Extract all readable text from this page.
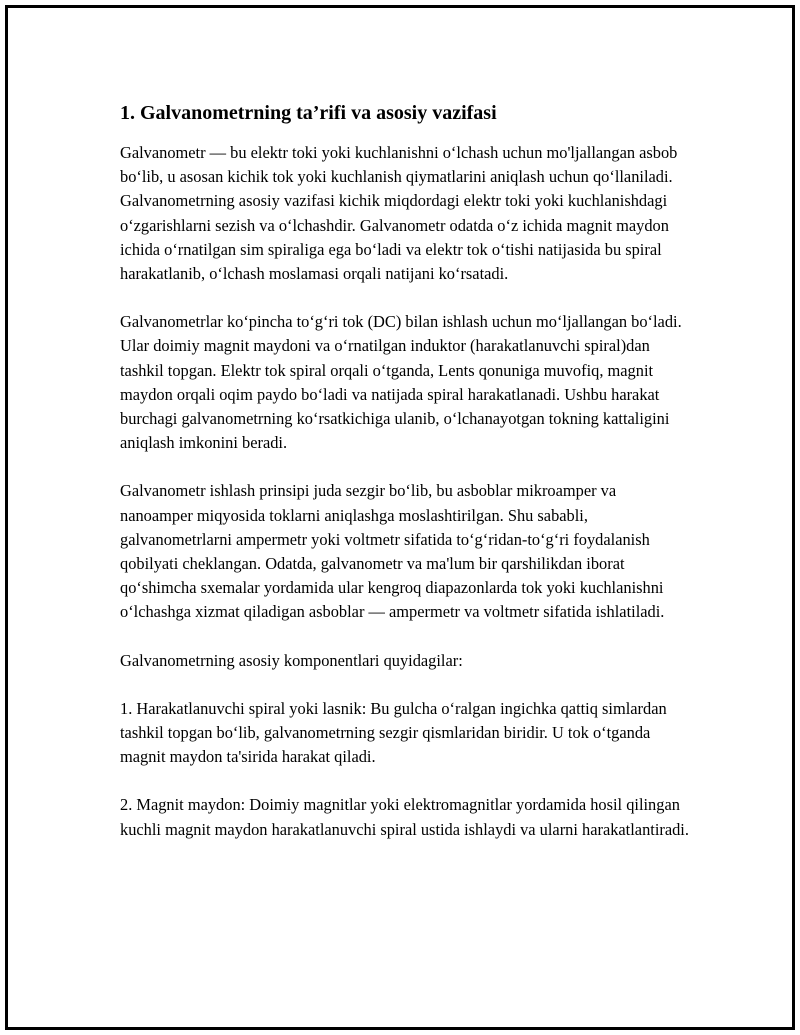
1. Galvanometrning ta’rifi va asosiy vazifasi

Galvanometr — bu elektr toki yoki kuchlanishni o‘lchash uchun mo'ljallangan asbob bo‘lib, u asosan kichik tok yoki kuchlanish qiymatlarini aniqlash uchun qo‘llaniladi. Galvanometrning asosiy vazifasi kichik miqdordagi elektr toki yoki kuchlanishdagi o‘zgarishlarni sezish va o‘lchashdir. Galvanometr odatda o‘z ichida magnit maydon ichida o‘rnatilgan sim spiraliga ega bo‘ladi va elektr tok o‘tishi natijasida bu spiral harakatlanib, o‘lchash moslamasi orqali natijani ko‘rsatadi.

Galvanometrlar ko‘pincha to‘g‘ri tok (DC) bilan ishlash uchun mo‘ljallangan bo‘ladi. Ular doimiy magnit maydoni va o‘rnatilgan induktor (harakatlanuvchi spiral)dan tashkil topgan. Elektr tok spiral orqali o‘tganda, Lents qonuniga muvofiq, magnit maydon orqali oqim paydo bo‘ladi va natijada spiral harakatlanadi. Ushbu harakat burchagi galvanometrning ko‘rsatkichiga ulanib, o‘lchanayotgan tokning kattaligini aniqlash imkonini beradi.

Galvanometr ishlash prinsipi juda sezgir bo‘lib, bu asboblar mikroamper va nanoamper miqyosida toklarni aniqlashga moslashtirilgan. Shu sababli, galvanometrlarni ampermetr yoki voltmetr sifatida to‘g‘ridan-to‘g‘ri foydalanish qobilyati cheklangan. Odatda, galvanometr va ma'lum bir qarshilikdan iborat qo‘shimcha sxemalar yordamida ular kengroq diapazonlarda tok yoki kuchlanishni o‘lchashga xizmat qiladigan asboblar — ampermetr va voltmetr sifatida ishlatiladi.

Galvanometrning asosiy komponentlari quyidagilar:

1. Harakatlanuvchi spiral yoki lasnik: Bu gulcha o‘ralgan ingichka qattiq simlardan tashkil topgan bo‘lib, galvanometrning sezgir qismlaridan biridir. U tok o‘tganda magnit maydon ta'sirida harakat qiladi.

2. Magnit maydon: Doimiy magnitlar yoki elektromagnitlar yordamida hosil qilingan kuchli magnit maydon harakatlanuvchi spiral ustida ishlaydi va ularni harakatlantiradi.
